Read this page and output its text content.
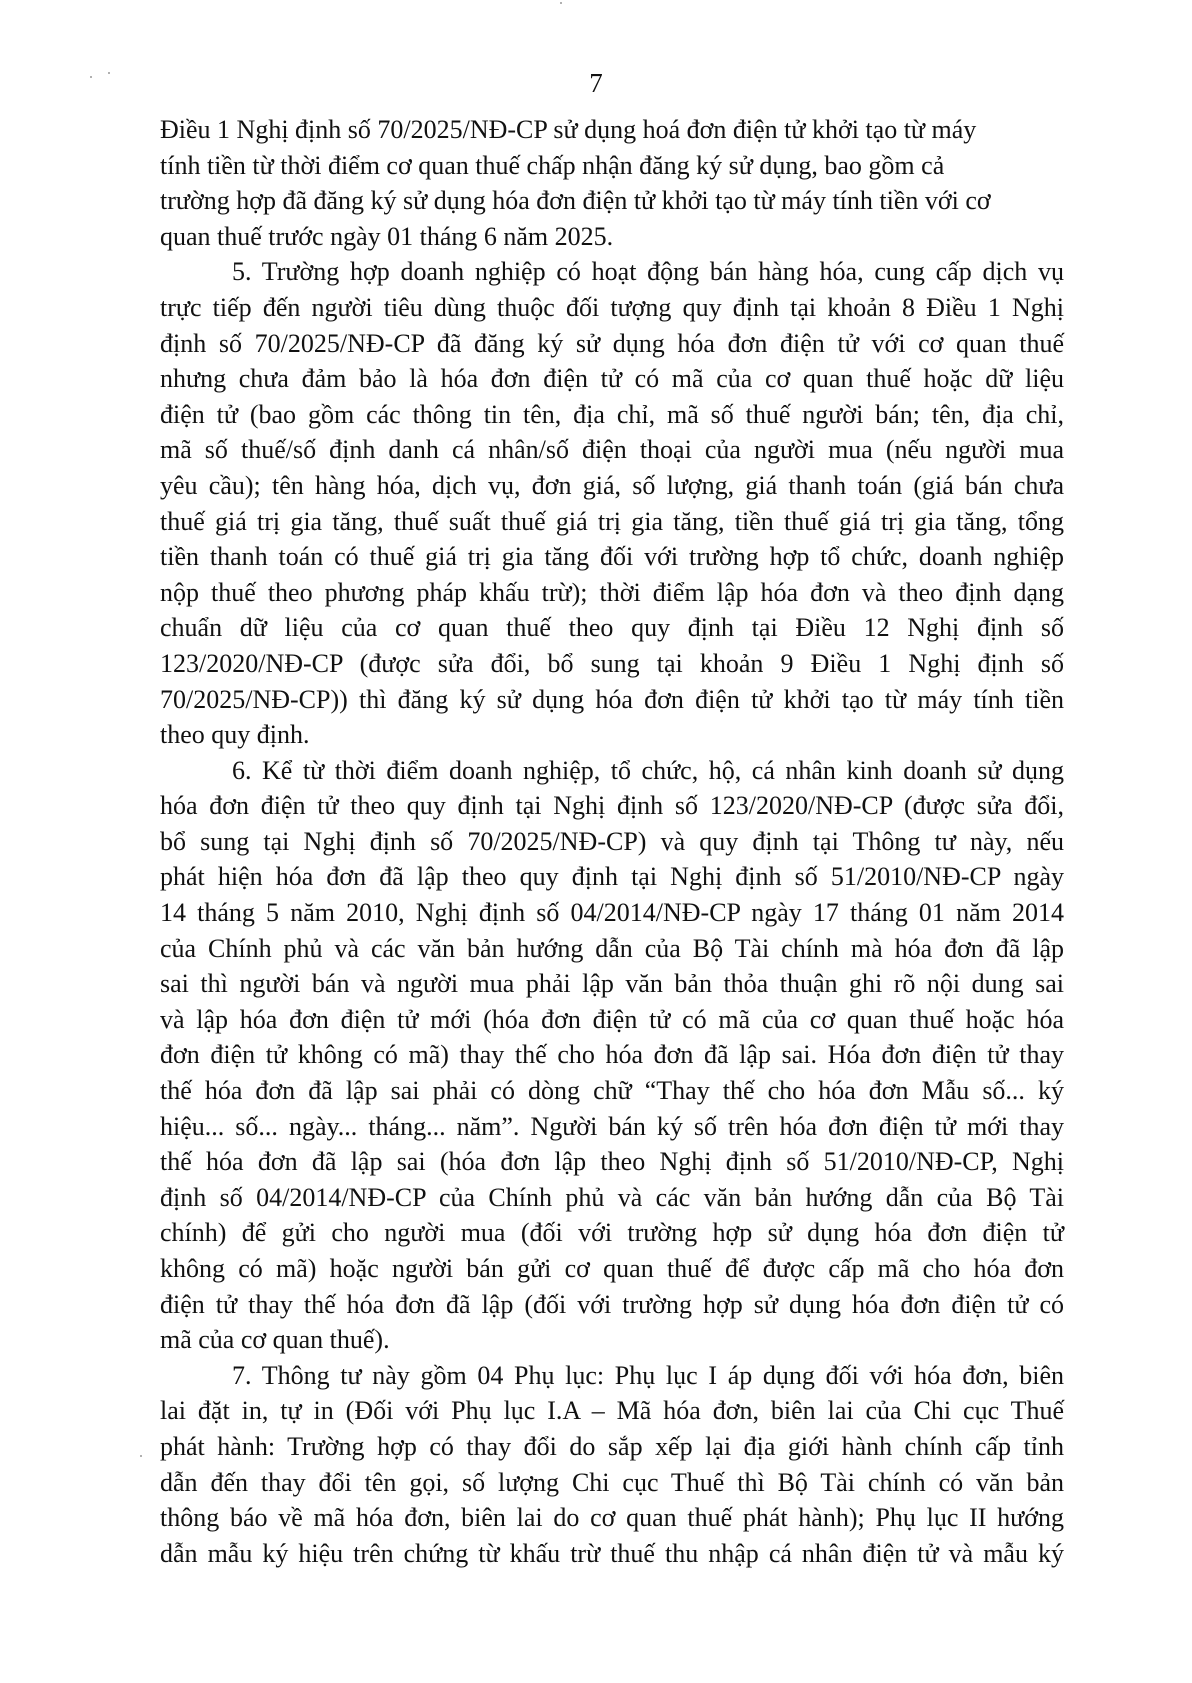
7
Điều 1 Nghị định số 70/2025/NĐ-CP sử dụng hoá đơn điện tử khởi tạo từ máy
tính tiền từ thời điểm cơ quan thuế chấp nhận đăng ký sử dụng, bao gồm cả
trường hợp đã đăng ký sử dụng hóa đơn điện tử khởi tạo từ máy tính tiền với cơ
quan thuế trước ngày 01 tháng 6 năm 2025.
5. Trường hợp doanh nghiệp có hoạt động bán hàng hóa, cung cấp dịch vụ
trực tiếp đến người tiêu dùng thuộc đối tượng quy định tại khoản 8 Điều 1 Nghị
định số 70/2025/NĐ-CP đã đăng ký sử dụng hóa đơn điện tử với cơ quan thuế
nhưng chưa đảm bảo là hóa đơn điện tử có mã của cơ quan thuế hoặc dữ liệu
điện tử (bao gồm các thông tin tên, địa chỉ, mã số thuế người bán; tên, địa chỉ,
mã số thuế/số định danh cá nhân/số điện thoại của người mua (nếu người mua
yêu cầu); tên hàng hóa, dịch vụ, đơn giá, số lượng, giá thanh toán (giá bán chưa
thuế giá trị gia tăng, thuế suất thuế giá trị gia tăng, tiền thuế giá trị gia tăng, tổng
tiền thanh toán có thuế giá trị gia tăng đối với trường hợp tổ chức, doanh nghiệp
nộp thuế theo phương pháp khấu trừ); thời điểm lập hóa đơn và theo định dạng
chuẩn dữ liệu của cơ quan thuế theo quy định tại Điều 12 Nghị định số
123/2020/NĐ-CP (được sửa đổi, bổ sung tại khoản 9 Điều 1 Nghị định số
70/2025/NĐ-CP)) thì đăng ký sử dụng hóa đơn điện tử khởi tạo từ máy tính tiền
theo quy định.
6. Kể từ thời điểm doanh nghiệp, tổ chức, hộ, cá nhân kinh doanh sử dụng
hóa đơn điện tử theo quy định tại Nghị định số 123/2020/NĐ-CP (được sửa đổi,
bổ sung tại Nghị định số 70/2025/NĐ-CP) và quy định tại Thông tư này, nếu
phát hiện hóa đơn đã lập theo quy định tại Nghị định số 51/2010/NĐ-CP ngày
14 tháng 5 năm 2010, Nghị định số 04/2014/NĐ-CP ngày 17 tháng 01 năm 2014
của Chính phủ và các văn bản hướng dẫn của Bộ Tài chính mà hóa đơn đã lập
sai thì người bán và người mua phải lập văn bản thỏa thuận ghi rõ nội dung sai
và lập hóa đơn điện tử mới (hóa đơn điện tử có mã của cơ quan thuế hoặc hóa
đơn điện tử không có mã) thay thế cho hóa đơn đã lập sai. Hóa đơn điện tử thay
thế hóa đơn đã lập sai phải có dòng chữ “Thay thế cho hóa đơn Mẫu số... ký
hiệu... số... ngày... tháng... năm”. Người bán ký số trên hóa đơn điện tử mới thay
thế hóa đơn đã lập sai (hóa đơn lập theo Nghị định số 51/2010/NĐ-CP, Nghị
định số 04/2014/NĐ-CP của Chính phủ và các văn bản hướng dẫn của Bộ Tài
chính) để gửi cho người mua (đối với trường hợp sử dụng hóa đơn điện tử
không có mã) hoặc người bán gửi cơ quan thuế để được cấp mã cho hóa đơn
điện tử thay thế hóa đơn đã lập (đối với trường hợp sử dụng hóa đơn điện tử có
mã của cơ quan thuế).
7. Thông tư này gồm 04 Phụ lục: Phụ lục I áp dụng đối với hóa đơn, biên
lai đặt in, tự in (Đối với Phụ lục I.A – Mã hóa đơn, biên lai của Chi cục Thuế
phát hành: Trường hợp có thay đổi do sắp xếp lại địa giới hành chính cấp tỉnh
dẫn đến thay đổi tên gọi, số lượng Chi cục Thuế thì Bộ Tài chính có văn bản
thông báo về mã hóa đơn, biên lai do cơ quan thuế phát hành); Phụ lục II hướng
dẫn mẫu ký hiệu trên chứng từ khấu trừ thuế thu nhập cá nhân điện tử và mẫu ký
